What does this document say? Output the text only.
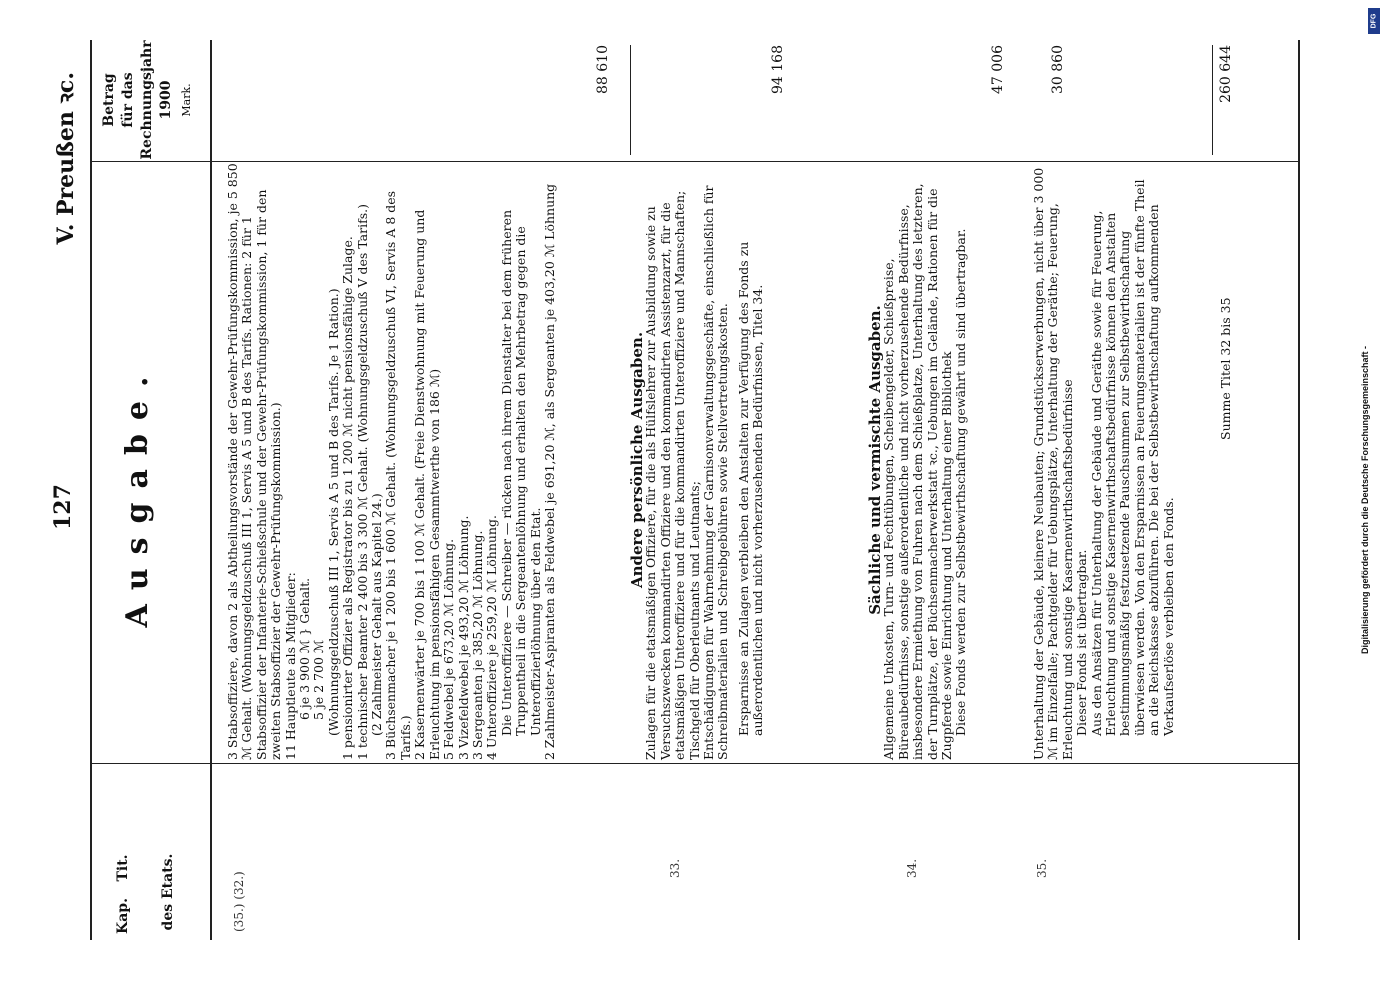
127
V. Preußen ꝛc.
Kap.
Tit. des Etats.
Ausgabe.
Betrag für das Rechnungsjahr 1900 Mark.
(35.) (32.)

3 Stabsoffiziere, davon 2 als Abtheilungsvorstände der Gewehr-Prüfungskommission, je 5 850 ℳ Gehalt. (Wohnungsgeldzuschuß III 1, Servis A 5 und B des Tarifs. Rationen: 2 für 1 Stabsoffizier der Infanterie-Schießschule und der Gewehr-Prüfungskommission, 1 für den zweiten Stabsoffizier der Gewehr-Prüfungskommission.) 11 Hauptleute als Mitglieder: 6 je 3 900 ℳ } Gehalt. 5 je 2 700 ℳ (Wohnungsgeldzuschuß III 1, Servis A 5 und B des Tarifs. Je 1 Ration.) 1 pensionirter Offizier als Registrator bis zu 1 200 ℳ nicht pensionsfähige Zulage. 1 technischer Beamter 2 400 bis 3 300 ℳ Gehalt. (Wohnungsgeldzuschuß V des Tarifs.) (2 Zahlmeister Gehalt aus Kapitel 24.) 3 Büchsenmacher je 1 200 bis 1 600 ℳ Gehalt. (Wohnungsgeldzuschuß VI, Servis A 8 des Tarifs.) 2 Kasernenwärter je 700 bis 1 100 ℳ Gehalt. (Freie Dienstwohnung mit Feuerung und Erleuchtung im pensionsfähigen Gesammtwerthe von 186 ℳ) 5 Feldwebel je 673,20 ℳ Löhnung. 3 Vizefeldwebel je 493,20 ℳ Löhnung. 3 Sergeanten je 385,20 ℳ Löhnung. 4 Unteroffiziere je 259,20 ℳ Löhnung. Die Unteroffiziere — Schreiber — rücken nach ihrem Dienstalter bei dem früheren Truppentheil in die Sergeantenlöhnung und erhalten den Mehrbetrag gegen die Unteroffizierlöhnung über den Etat. 2 Zahlmeister-Aspiranten als Feldwebel je 691,20 ℳ, als Sergeanten je 403,20 ℳ Löhnung

88 610
33.

Andere persönliche Ausgaben.

Zulagen für die etatsmäßigen Offiziere, für die als Hülfslehrer zur Ausbildung sowie zu Versuchszwecken kommandirten Offiziere und den kommandirten Assistenzarzt, für die etatsmäßigen Unteroffiziere und für die kommandirten Unteroffiziere und Mannschaften; Tischgeld für Oberleutnants und Leutnants; Entschädigungen für Wahrnehmung der Garnisonverwaltungsgeschäfte, einschließlich für Schreibmaterialien und Schreibgebühren sowie Stellvertretungskosten. Ersparnisse an Zulagen verbleiben den Anstalten zur Verfügung des Fonds zu außerordentlichen und nicht vorherzusehenden Bedürfnissen, Titel 34.

94 168
34.

Sächliche und vermischte Ausgaben.

Allgemeine Unkosten, Turn- und Fechtübungen, Scheibengelder, Schießpreise, Büreaubedürfnisse, sonstige außerordentliche und nicht vorherzusehende Bedürfnisse, insbesondere Ermiethung von Fuhren nach dem Schießplatze, Unterhaltung des letzteren, der Turnplätze, der Büchsenmacherwerkstatt ꝛc., Uebungen im Gelände, Rationen für die Zugpferde sowie Einrichtung und Unterhaltung einer Bibliothek Diese Fonds werden zur Selbstbewirthschaftung gewährt und sind übertragbar.

47 006
35.

Unterhaltung der Gebäude, kleinere Neubauten; Grundstückserwerbungen, nicht über 3 000 ℳ im Einzelfalle; Pachtgelder für Uebungsplätze, Unterhaltung der Geräthe; Feuerung, Erleuchtung und sonstige Kasernenwirthschaftsbedürfnisse Dieser Fonds ist übertragbar. Aus den Ansätzen für Unterhaltung der Gebäude und Geräthe sowie für Feuerung, Erleuchtung und sonstige Kasernenwirthschaftsbedürfnisse können den Anstalten bestimmungsmäßig festzusetzende Pauschsummen zur Selbstbewirthschaftung überwiesen werden. Von den Ersparnissen an Feuerungsmaterialien ist der fünfte Theil an die Reichskasse abzuführen. Die bei der Selbstbewirthschaftung aufkommenden Verkaufserlöse verbleiben den Fonds.

30 860
Summe Titel 32 bis 35
260 644
Digitalisierung gefördert durch die Deutsche Forschungsgemeinschaft -
DFG
